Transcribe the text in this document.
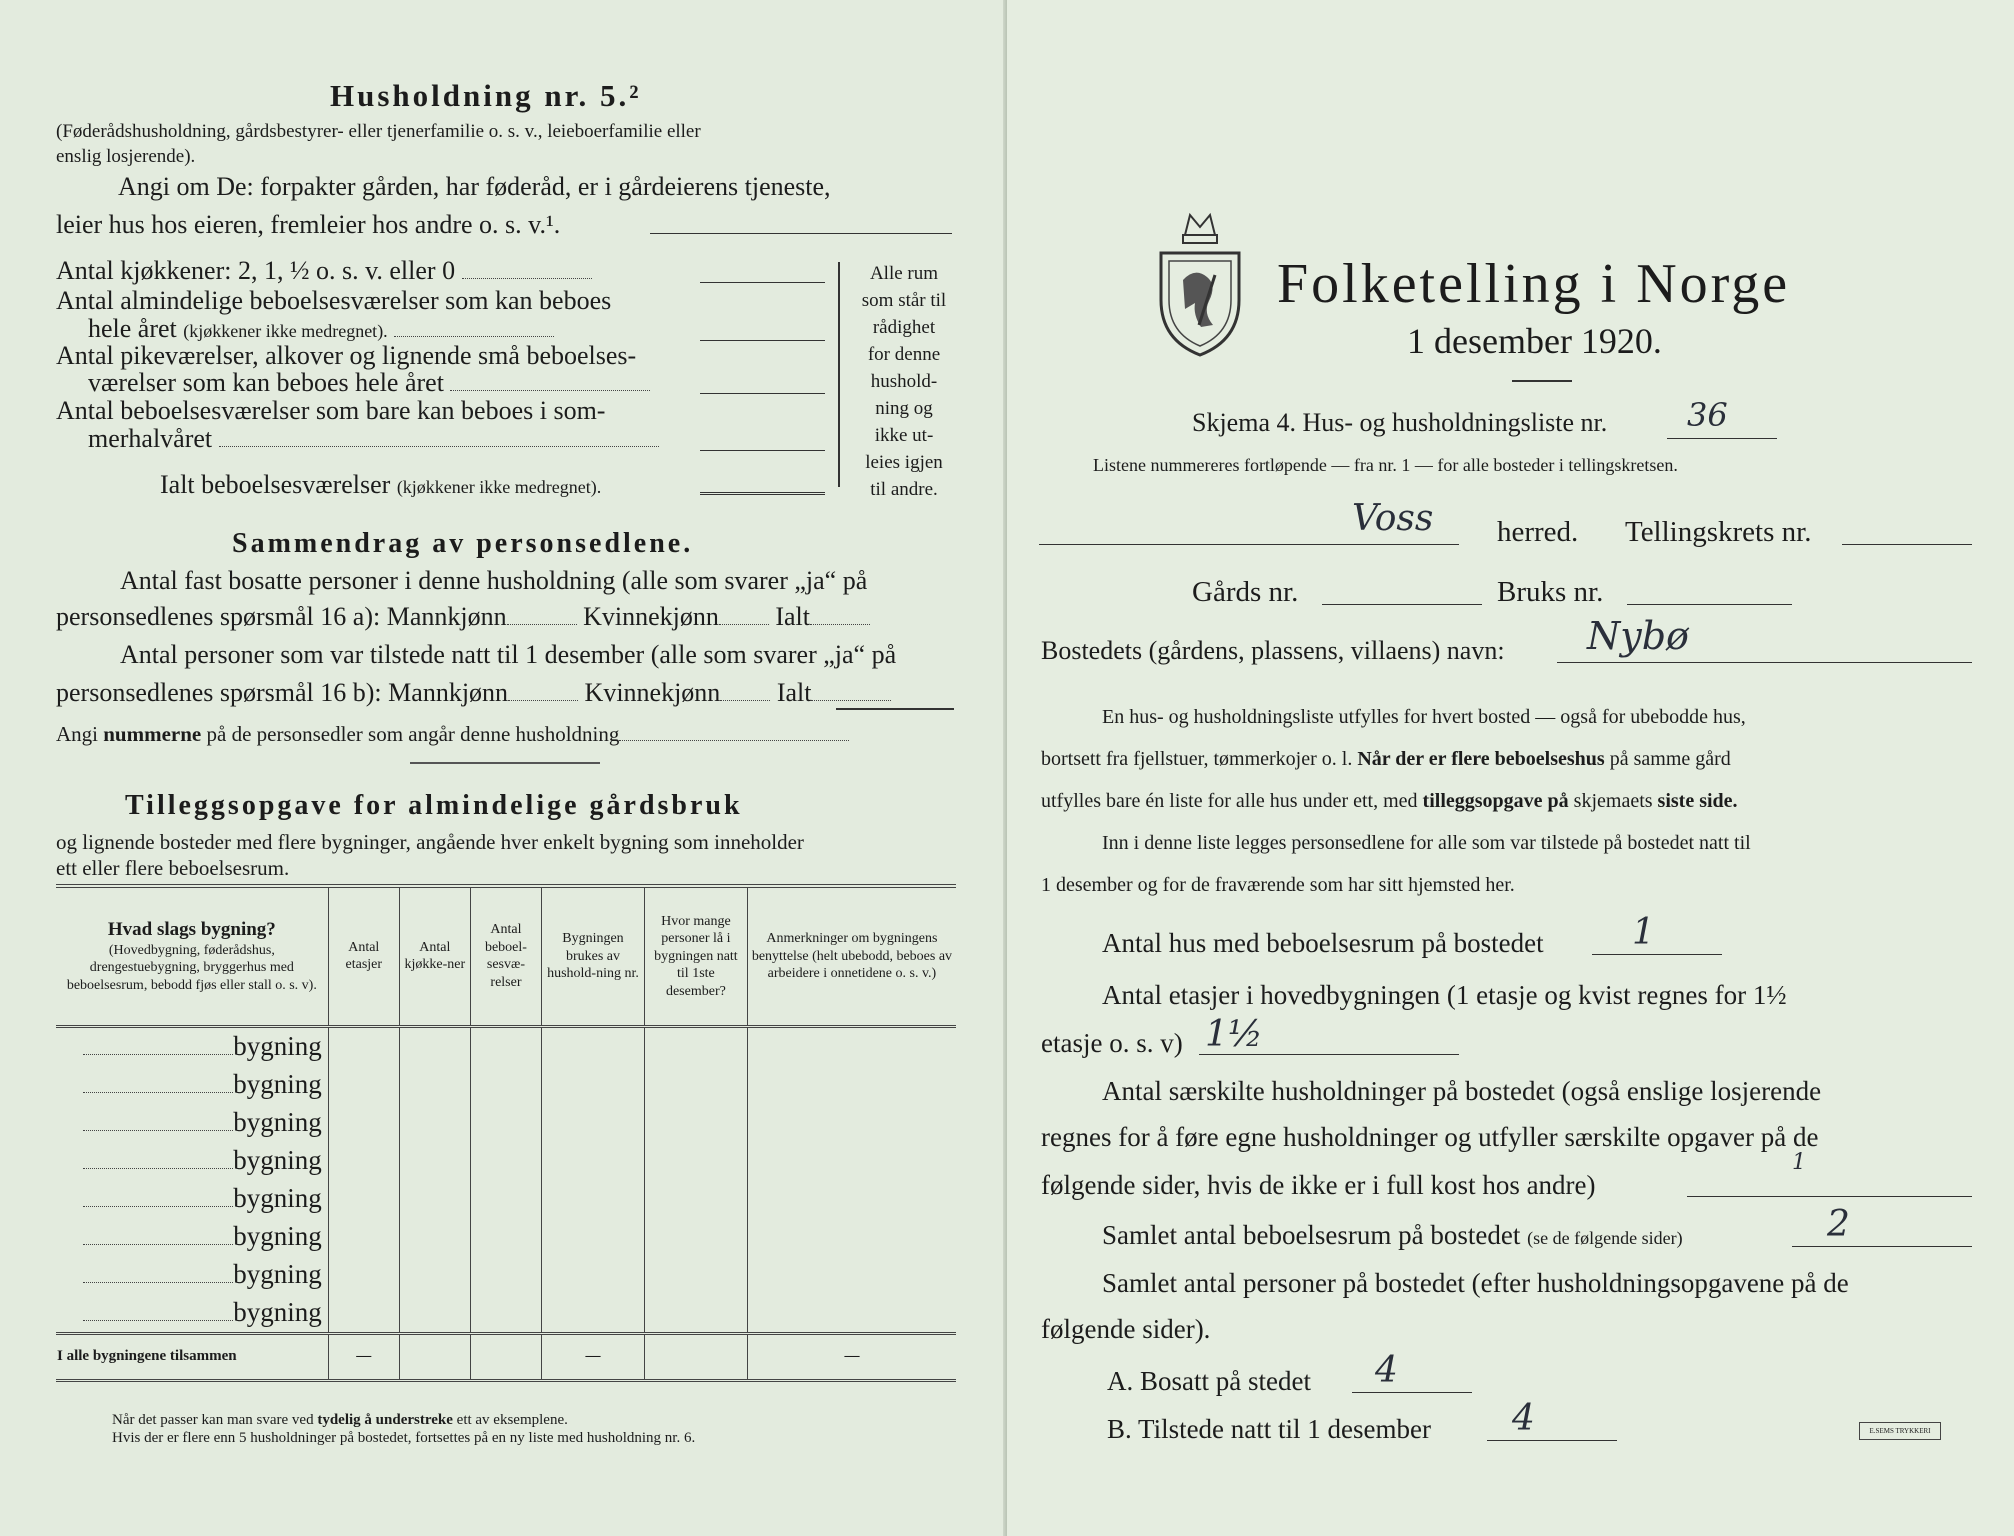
Husholdning nr. 5.²
(Føderådshusholdning, gårdsbestyrer- eller tjenerfamilie o. s. v., leieboerfamilie eller
enslig losjerende).
Angi om De: forpakter gården, har føderåd, er i gårdeierens tjeneste,
leier hus hos eieren, fremleier hos andre o. s. v.¹.
Antal kjøkkener: 2, 1, ½ o. s. v. eller 0
Antal almindelige beboelsesværelser som kan beboes
hele året (kjøkkener ikke medregnet).
Antal pikeværelser, alkover og lignende små beboelses-
værelser som kan beboes hele året
Antal beboelsesværelser som bare kan beboes i som-
merhalvåret
Ialt beboelsesværelser (kjøkkener ikke medregnet).
Alle rum
som står til
rådighet
for denne
hushold-
ning og
ikke ut-
leies igjen
til andre.
Sammendrag av personsedlene.
Antal fast bosatte personer i denne husholdning (alle som svarer „ja“ på
personsedlenes spørsmål 16 a): Mannkjønn	Kvinnekjønn Ialt
Antal personer som var tilstede natt til 1 desember (alle som svarer „ja“ på
personsedlenes spørsmål 16 b): Mannkjønn	Kvinnekjønn Ialt
Angi nummerne på de personsedler som angår denne husholdning
Tilleggsopgave for almindelige gårdsbruk
og lignende bosteder med flere bygninger, angående hver enkelt bygning som inneholder
ett eller flere beboelsesrum.
Hvad slags bygning?
(Hovedbygning, føderådshus, drengestuebygning, bryggerhus med beboelsesrum, bebodd fjøs eller stall o. s. v).	Antal etasjer	Antal kjøkke-ner	Antal beboel-sesvæ-relser	Bygningen brukes av hushold-ning nr.	Hvor mange personer lå i bygningen natt til 1ste desember?	Anmerkninger om bygningens benyttelse (helt ubebodd, beboes av arbeidere i onnetidene o. s. v.)
bygning						
bygning						
bygning						
bygning						
bygning						
bygning						
bygning						
bygning						
I alle bygningene tilsammen	—			—		—
Når det passer kan man svare ved tydelig å understreke ett av eksemplene.
Hvis der er flere enn 5 husholdninger på bostedet, fortsettes på en ny liste med husholdning nr. 6.
Folketelling i Norge
1 desember 1920.
Skjema 4. Hus- og husholdningsliste nr. 36
Listene nummereres fortløpende — fra nr. 1 — for alle bosteder i tellingskretsen.
Voss herred. Tellingskrets nr.
Gårds nr.	Bruks nr.
Bostedets (gårdens, plassens, villaens) navn: Nybø
En hus- og husholdningsliste utfylles for hvert bosted — også for ubebodde hus,
bortsett fra fjellstuer, tømmerkojer o. l. Når der er flere beboelseshus på samme gård
utfylles bare én liste for alle hus under ett, med tilleggsopgave på skjemaets siste side.
Inn i denne liste legges personsedlene for alle som var tilstede på bostedet natt til
1 desember og for de fraværende som har sitt hjemsted her.
Antal hus med beboelsesrum på bostedet 1
Antal etasjer i hovedbygningen (1 etasje og kvist regnes for 1½
etasje o. s. v) 1½
Antal særskilte husholdninger på bostedet (også enslige losjerende
regnes for å føre egne husholdninger og utfyller særskilte opgaver på de
følgende sider, hvis de ikke er i full kost hos andre)
1
Samlet antal beboelsesrum på bostedet (se de følgende sider)	2
Samlet antal personer på bostedet (efter husholdningsopgavene på de
følgende sider).
A. Bosatt på stedet 4
B. Tilstede natt til 1 desember 4	E.SEMS TRYKKERI
